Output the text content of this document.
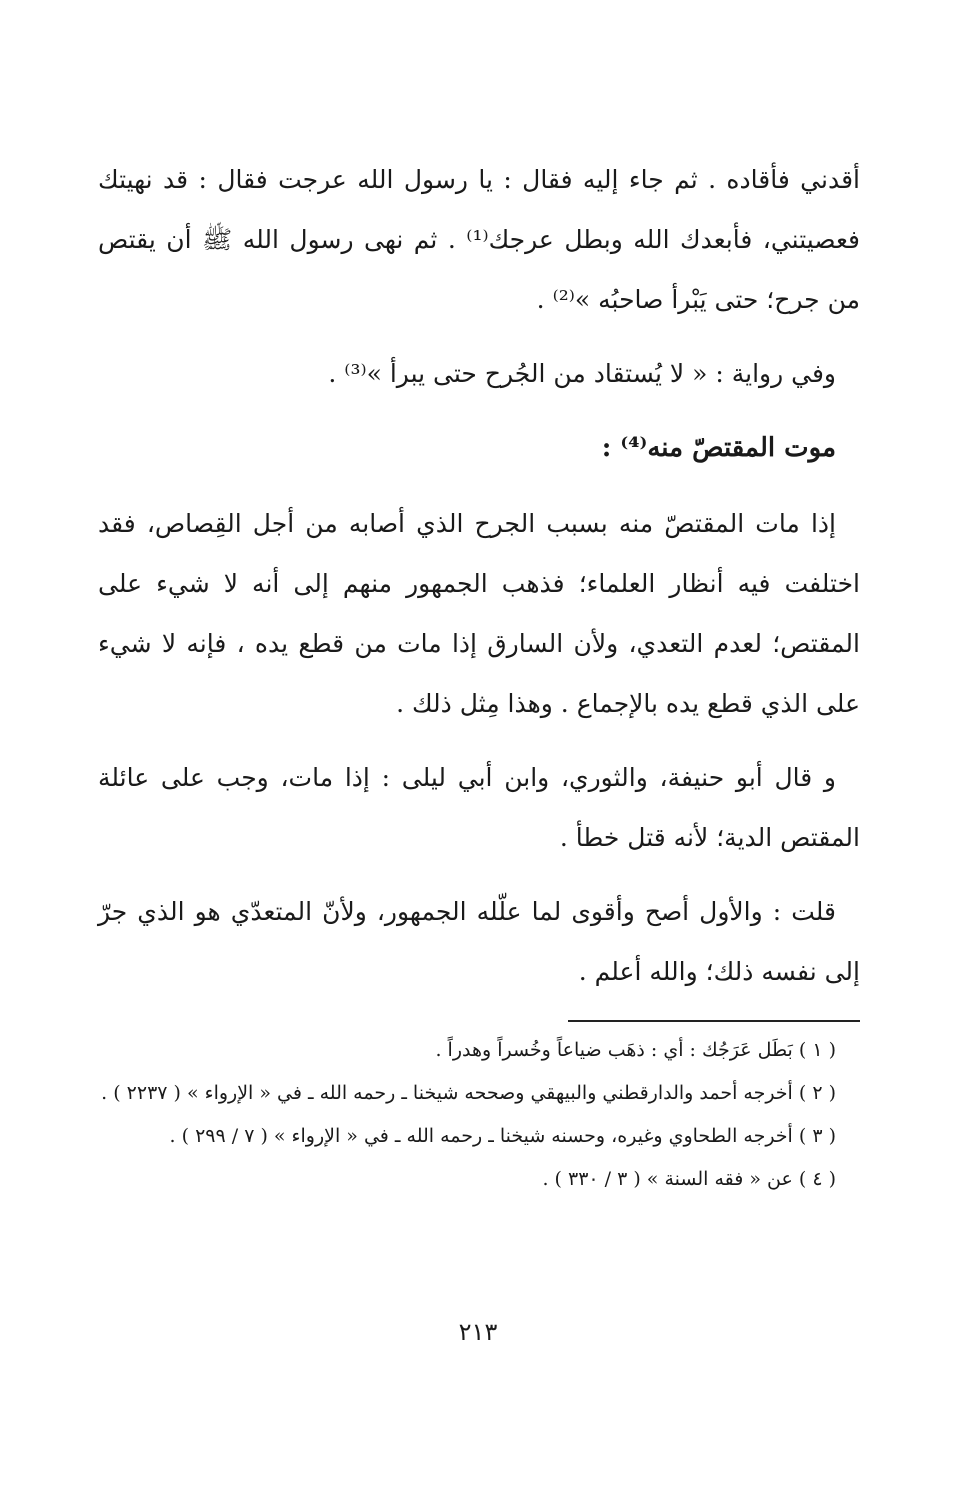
أقدني فأقاده . ثم جاء إليه فقال : يا رسول الله عرجت فقال : قد نهيتك فعصيتني، فأبعدك الله وبطل عرجك⁽¹⁾ . ثم نهى رسول الله ﷺ أن يقتص من جرح؛ حتى يَبْرأ صاحبُه »⁽²⁾ .

وفي رواية : « لا يُستقاد من الجُرح حتى يبرأ »⁽³⁾ .

موت المقتصّ منه⁽⁴⁾ :

إذا مات المقتصّ منه بسبب الجرح الذي أصابه من أجل القِصاص، فقد اختلفت فيه أنظار العلماء؛ فذهب الجمهور منهم إلى أنه لا شيء على المقتص؛ لعدم التعدي، ولأن السارق إذا مات من قطع يده ، فإنه لا شيء على الذي قطع يده بالإجماع . وهذا مِثل ذلك .

و قال أبو حنيفة، والثوري، وابن أبي ليلى : إذا مات، وجب على عائلة المقتص الدية؛ لأنه قتل خطأ .

قلت : والأول أصح وأقوى لما علّله الجمهور، ولأنّ المتعدّي هو الذي جرّ إلى نفسه ذلك؛ والله أعلم .

( ١ ) بَطَل عَرَجُك : أي : ذهَب ضياعاً وخُسراً وهدراً .

( ٢ ) أخرجه أحمد والدارقطني والبيهقي وصححه شيخنا ـ رحمه الله ـ في « الإرواء » ( ٢٢٣٧ ) .

( ٣ ) أخرجه الطحاوي وغيره، وحسنه شيخنا ـ رحمه الله ـ في « الإرواء » ( ٧ / ٢٩٩ ) .

( ٤ ) عن « فقه السنة » ( ٣ / ٣٣٠ ) .

٢١٣
